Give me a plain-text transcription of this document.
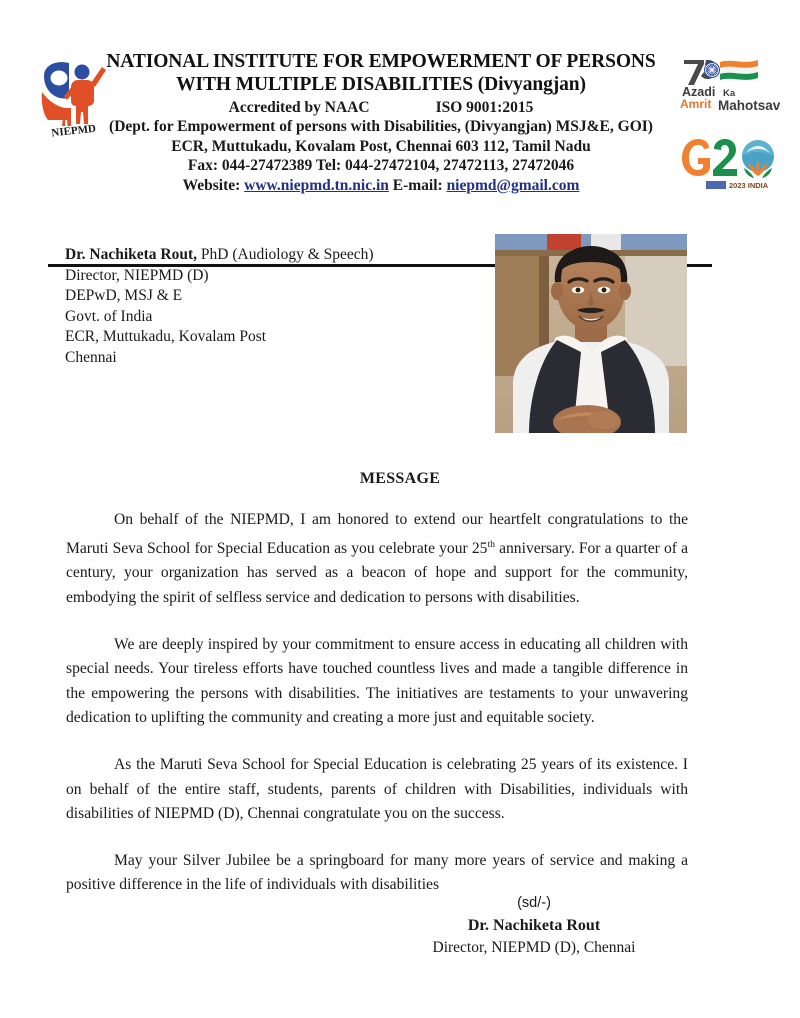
NIEPMD
NATIONAL INSTITUTE FOR EMPOWERMENT OF PERSONS
WITH MULTIPLE DISABILITIES (Divyangjan)
Accredited by NAAC	ISO 9001:2015
(Dept. for Empowerment of persons with Disabilities, (Divyangjan) MSJ&E, GOI)
ECR, Muttukadu, Kovalam Post, Chennai 603 112, Tamil Nadu
Fax: 044-27472389 Tel: 044-27472104, 27472113, 27472046
Website: www.niepmd.tn.nic.in E-mail: niepmd@gmail.com
Azadi Ka
Amrit Mahotsav
2023 INDIA
Dr. Nachiketa Rout, PhD (Audiology & Speech)
Director, NIEPMD (D)
DEPwD, MSJ & E
Govt. of India
ECR, Muttukadu, Kovalam Post
Chennai
MESSAGE

On behalf of the NIEPMD, I am honored to extend our heartfelt congratulations to the Maruti Seva School for Special Education as you celebrate your 25th anniversary. For a quarter of a century, your organization has served as a beacon of hope and support for the community, embodying the spirit of selfless service and dedication to persons with disabilities.

We are deeply inspired by your commitment to ensure access in educating all children with special needs. Your tireless efforts have touched countless lives and made a tangible difference in the empowering the persons with disabilities. The initiatives are testaments to your unwavering dedication to uplifting the community and creating a more just and equitable society.

As the Maruti Seva School for Special Education is celebrating 25 years of its existence. I on behalf of the entire staff, students, parents of children with Disabilities, individuals with disabilities of NIEPMD (D), Chennai congratulate you on the success.

May your Silver Jubilee be a springboard for many more years of service and making a positive difference in the life of individuals with disabilities

(sd/-)
Dr. Nachiketa Rout
Director, NIEPMD (D), Chennai
